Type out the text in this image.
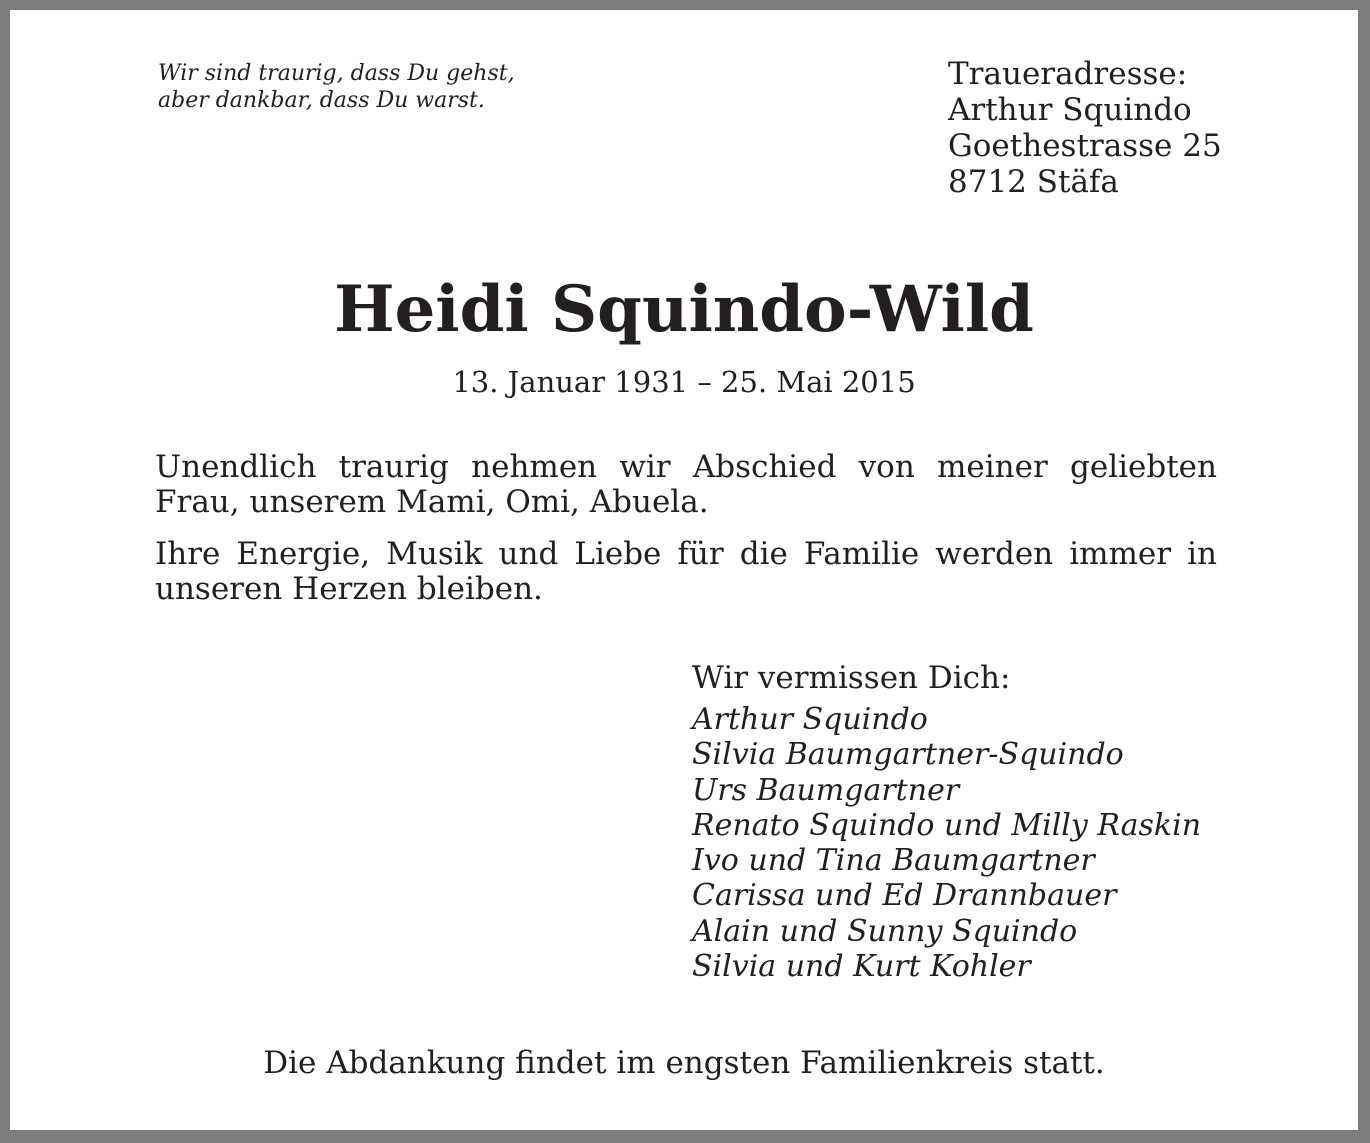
Wir sind traurig, dass Du gehst,
aber dankbar, dass Du warst.
Traueradresse:
Arthur Squindo
Goethestrasse 25
8712 Stäfa
Heidi Squindo-Wild
13. Januar 1931 – 25. Mai 2015
Unendlich traurig nehmen wir Abschied von meiner geliebten Frau, unserem Mami, Omi, Abuela.
Ihre Energie, Musik und Liebe für die Familie werden immer in unseren Herzen bleiben.
Wir vermissen Dich:
Arthur Squindo
Silvia Baumgartner-Squindo
Urs Baumgartner
Renato Squindo und Milly Raskin
Ivo und Tina Baumgartner
Carissa und Ed Drannbauer
Alain und Sunny Squindo
Silvia und Kurt Kohler
Die Abdankung findet im engsten Familienkreis statt.
